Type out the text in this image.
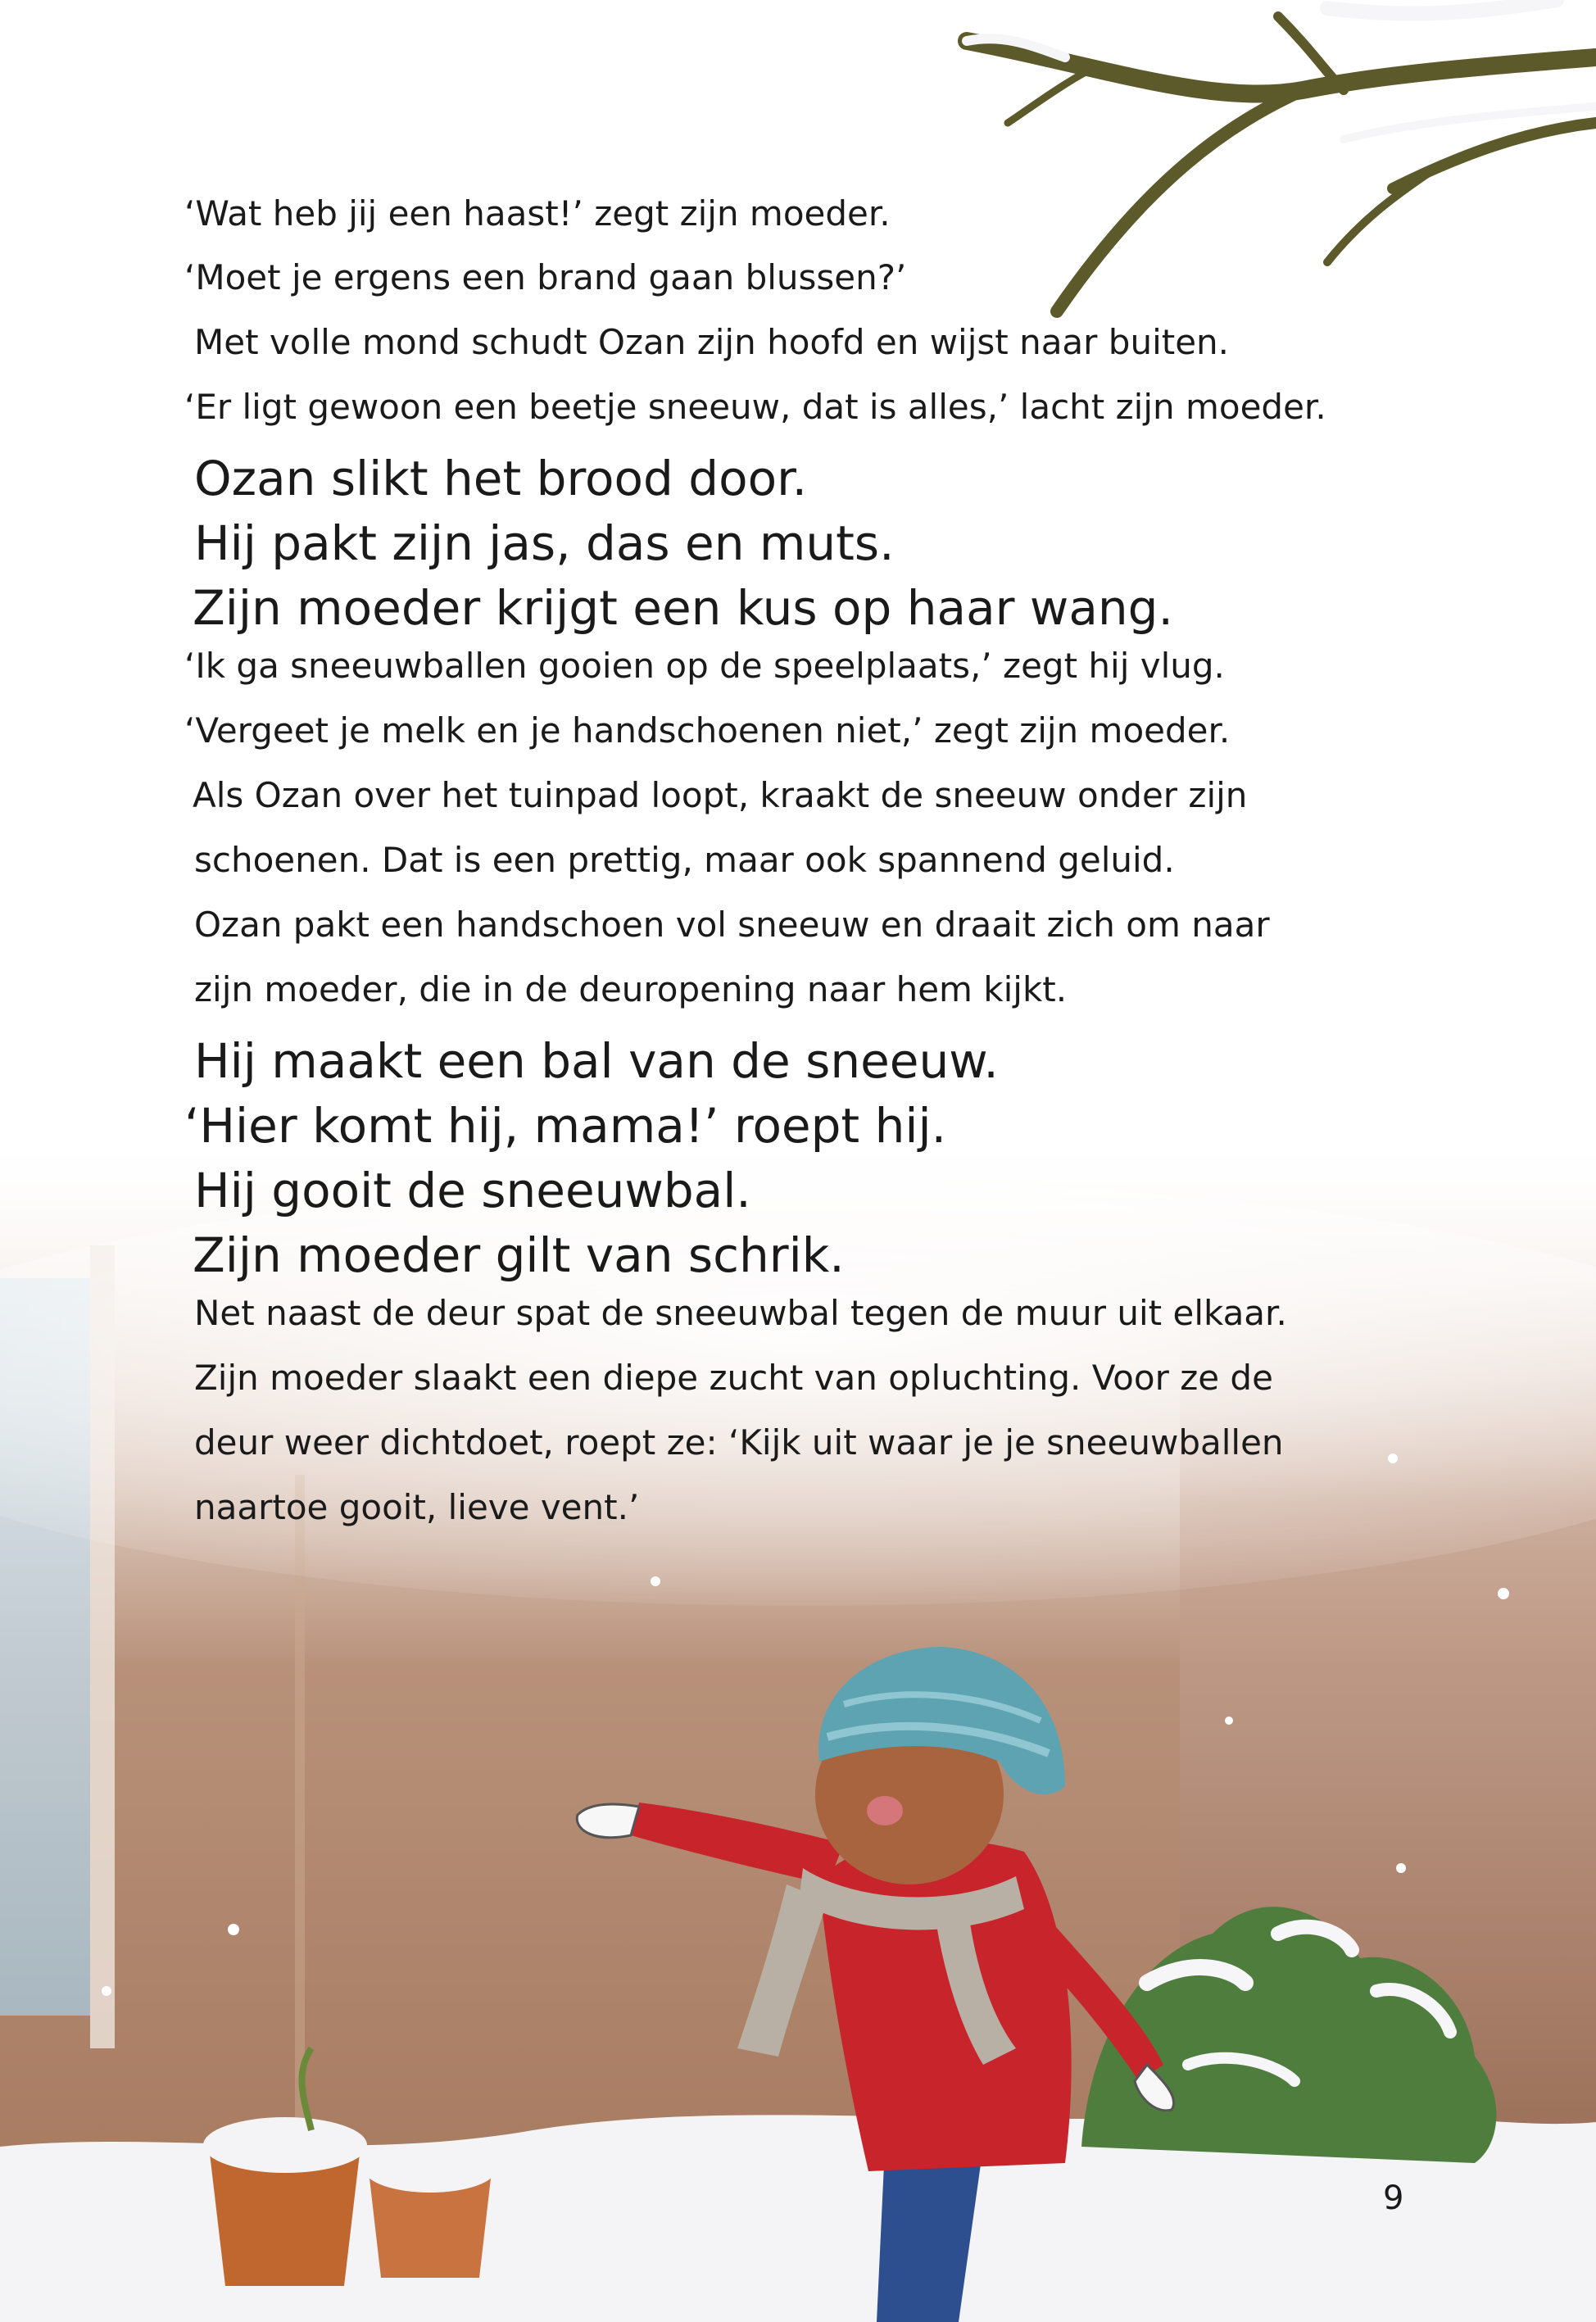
‘Wat heb jij een haast!’ zegt zijn moeder.
‘Moet je ergens een brand gaan blussen?’
Met volle mond schudt Ozan zijn hoofd en wijst naar buiten.
‘Er ligt gewoon een beetje sneeuw, dat is alles,’ lacht zijn moeder.
Ozan slikt het brood door.
Hij pakt zijn jas, das en muts.
Zijn moeder krijgt een kus op haar wang.
‘Ik ga sneeuwballen gooien op de speelplaats,’ zegt hij vlug.
‘Vergeet je melk en je handschoenen niet,’ zegt zijn moeder.
Als Ozan over het tuinpad loopt, kraakt de sneeuw onder zijn
schoenen. Dat is een prettig, maar ook spannend geluid.
Ozan pakt een handschoen vol sneeuw en draait zich om naar
zijn moeder, die in de deuropening naar hem kijkt.
Hij maakt een bal van de sneeuw.
‘Hier komt hij, mama!’ roept hij.
Hij gooit de sneeuwbal.
Zijn moeder gilt van schrik.
Net naast de deur spat de sneeuwbal tegen de muur uit elkaar.
Zijn moeder slaakt een diepe zucht van opluchting. Voor ze de
deur weer dichtdoet, roept ze: ‘Kijk uit waar je je sneeuwballen
naartoe gooit, lieve vent.’
9
